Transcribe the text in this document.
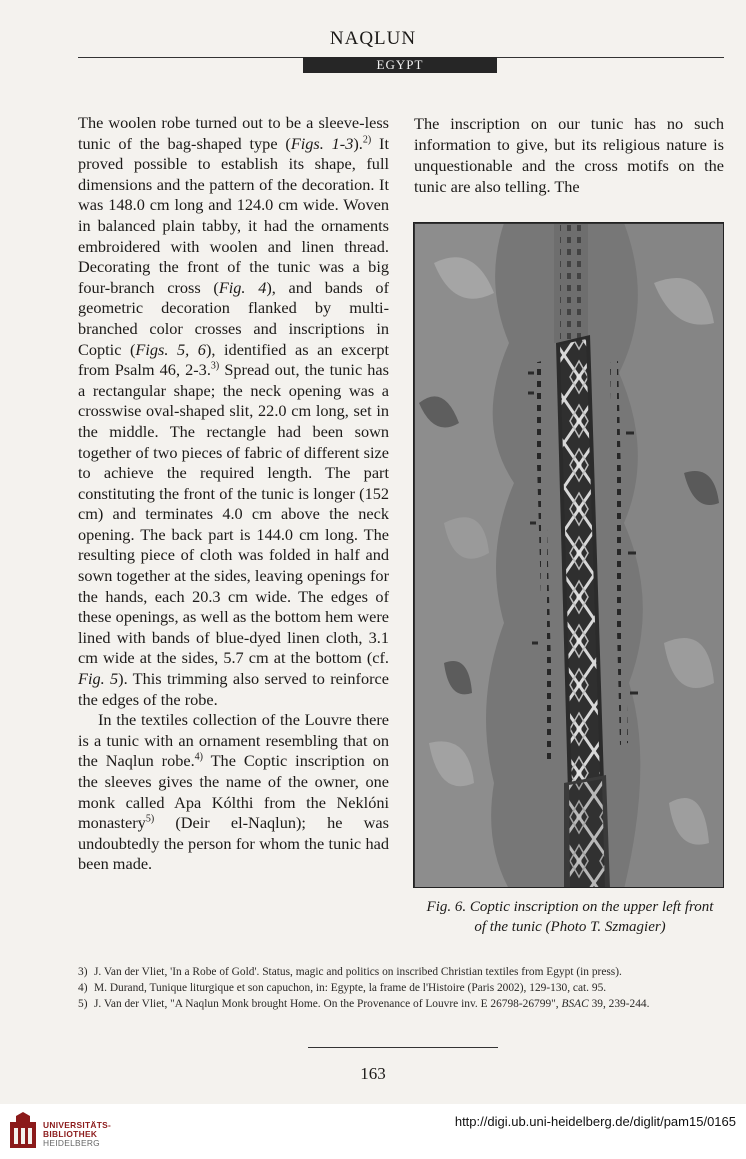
NAQLUN
EGYPT

The woolen robe turned out to be a sleeve-less tunic of the bag-shaped type (Figs. 1-3).$^{2)}$ It proved possible to establish its shape, full dimensions and the pattern of the decoration. It was 148.0 cm long and 124.0 cm wide. Woven in balanced plain tabby, it had the ornaments embroidered with woolen and linen thread. Decorating the front of the tunic was a big four-branch cross (Fig. 4), and bands of geometric decoration flanked by multi-branched color crosses and inscriptions in Coptic (Figs. 5, 6), identified as an excerpt from Psalm 46, 2-3.$^{3)}$ Spread out, the tunic has a rectangular shape; the neck opening was a crosswise oval-shaped slit, 22.0 cm long, set in the middle. The rectangle had been sown together of two pieces of fabric of different size to achieve the required length. The part constituting the front of the tunic is longer (152 cm) and terminates 4.0 cm above the neck opening. The back part is 144.0 cm long. The resulting piece of cloth was folded in half and sown together at the sides, leaving openings for the hands, each 20.3 cm wide. The edges of these openings, as well as the bottom hem were lined with bands of blue-dyed linen cloth, 3.1 cm wide at the sides, 5.7 cm at the bottom (cf. Fig. 5). This trimming also served to reinforce the edges of the robe.

In the textiles collection of the Louvre there is a tunic with an ornament resembling that on the Naqlun robe.$^{4)}$ The Coptic inscription on the sleeves gives the name of the owner, one monk called Apa Kólthi from the Neklóni monastery$^{5)}$ (Deir el-Naqlun); he was undoubtedly the person for whom the tunic had been made.

The inscription on our tunic has no such information to give, but its religious nature is unquestionable and the cross motifs on the tunic are also telling. The

Fig. 6. Coptic inscription on the upper left front
of the tunic (Photo T. Szmagier)
3) J. Van der Vliet, 'In a Robe of Gold'. Status, magic and politics on inscribed Christian textiles from Egypt (in press).
4) M. Durand, Tunique liturgique et son capuchon, in: Egypte, la frame de l'Histoire (Paris 2002), 129-130, cat. 95.
5) J. Van der Vliet, "A Naqlun Monk brought Home. On the Provenance of Louvre inv. E 26798-26799", BSAC 39, 239-244.
163
UNIVERSITÄTS-
BIBLIOTHEK
HEIDELBERG
http://digi.ub.uni-heidelberg.de/diglit/pam15/0165
